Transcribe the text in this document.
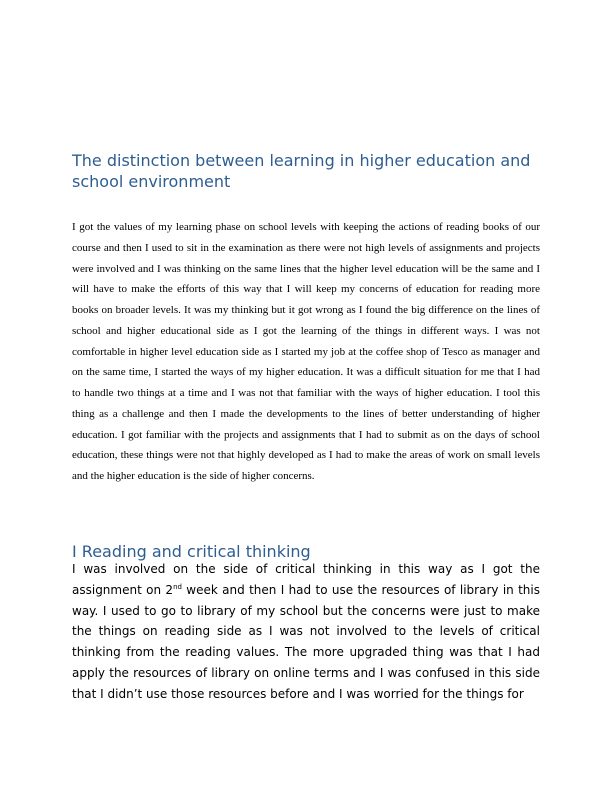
The distinction between learning in higher education and school environment

I got the values of my learning phase on school levels with keeping the actions of reading books of our course and then I used to sit in the examination as there were not high levels of assignments and projects were involved and I was thinking on the same lines that the higher level education will be the same and I will have to make the efforts of this way that I will keep my concerns of education for reading more books on broader levels. It was my thinking but it got wrong as I found the big difference on the lines of school and higher educational side as I got the learning of the things in different ways. I was not comfortable in higher level education side as I started my job at the coffee shop of Tesco as manager and on the same time, I started the ways of my higher education. It was a difficult situation for me that I had to handle two things at a time and I was not that familiar with the ways of higher education. I tool this thing as a challenge and then I made the developments to the lines of better understanding of higher education. I got familiar with the projects and assignments that I had to submit as on the days of school education, these things were not that highly developed as I had to make the areas of work on small levels and the higher education is the side of higher concerns.

I Reading and critical thinking

I was involved on the side of critical thinking in this way as I got the assignment on 2nd week and then I had to use the resources of library in this way. I used to go to library of my school but the concerns were just to make the things on reading side as I was not involved to the levels of critical thinking from the reading values. The more upgraded thing was that I had apply the resources of library on online terms and I was confused in this side that I didn’t use those resources before and I was worried for the things for
